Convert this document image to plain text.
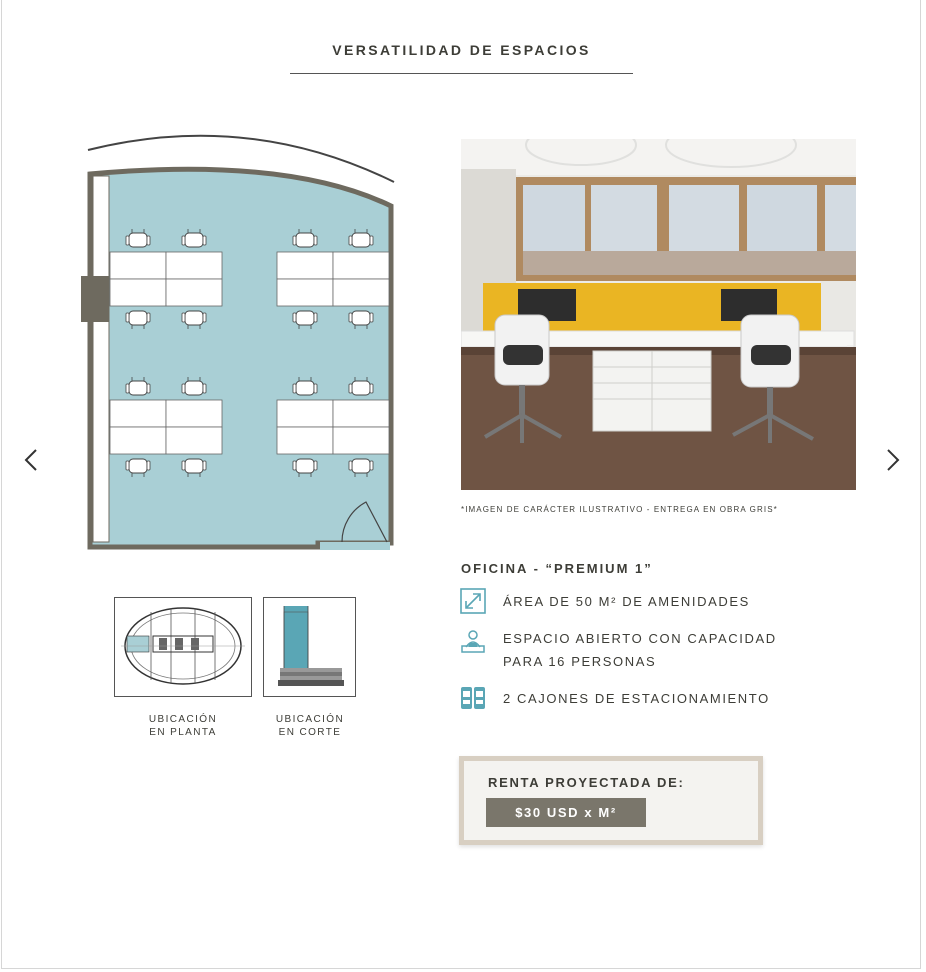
VERSATILIDAD DE ESPACIOS
UBICACIÓN
EN PLANTA
UBICACIÓN
EN CORTE
*IMAGEN DE CARÁCTER ILUSTRATIVO - ENTREGA EN OBRA GRIS*
OFICINA - “PREMIUM 1”
ÁREA DE 50 M² DE AMENIDADES
ESPACIO ABIERTO CON CAPACIDAD
PARA 16 PERSONAS
2 CAJONES DE ESTACIONAMIENTO
RENTA PROYECTADA DE:
$30 USD x M²
